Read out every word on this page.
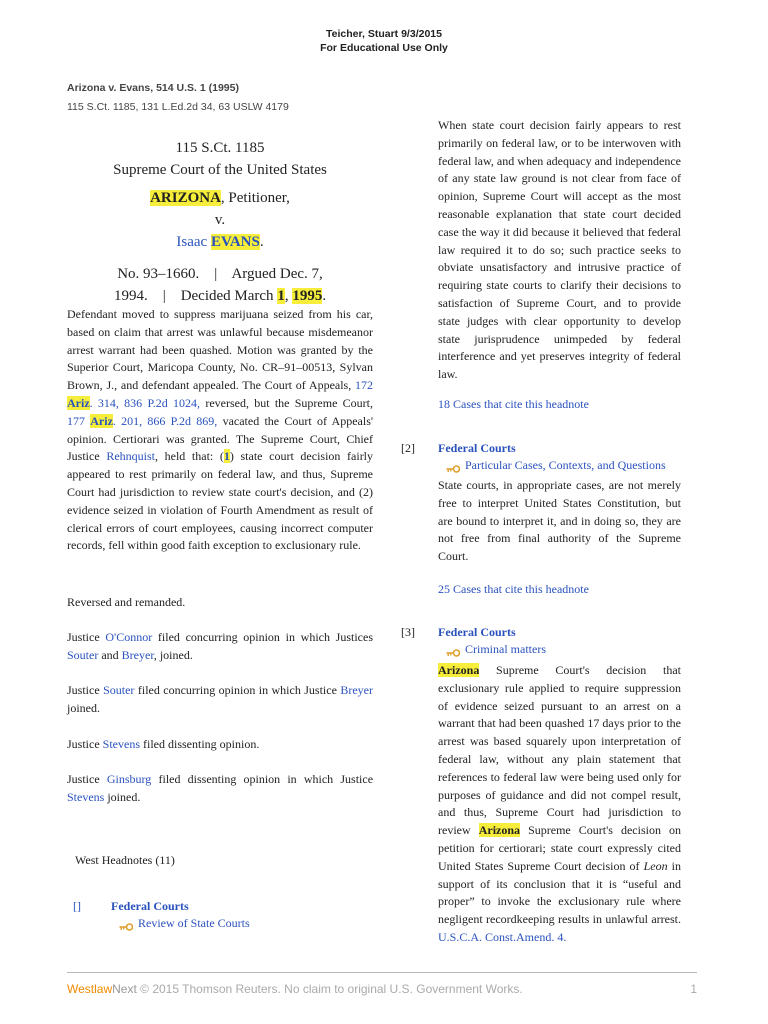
Teicher, Stuart 9/3/2015
For Educational Use Only
Arizona v. Evans, 514 U.S. 1 (1995)
115 S.Ct. 1185, 131 L.Ed.2d 34, 63 USLW 4179
115 S.Ct. 1185
Supreme Court of the United States
ARIZONA, Petitioner,
v.
Isaac EVANS.
No. 93–1660.    |    Argued Dec. 7,
1994.    |    Decided March 1, 1995.
Defendant moved to suppress marijuana seized from his car, based on claim that arrest was unlawful because misdemeanor arrest warrant had been quashed. Motion was granted by the Superior Court, Maricopa County, No. CR–91–00513, Sylvan Brown, J., and defendant appealed. The Court of Appeals, 172 Ariz. 314, 836 P.2d 1024, reversed, but the Supreme Court, 177 Ariz. 201, 866 P.2d 869, vacated the Court of Appeals' opinion. Certiorari was granted. The Supreme Court, Chief Justice Rehnquist, held that: (1) state court decision fairly appeared to rest primarily on federal law, and thus, Supreme Court had jurisdiction to review state court's decision, and (2) evidence seized in violation of Fourth Amendment as result of clerical errors of court employees, causing incorrect computer records, fell within good faith exception to exclusionary rule.
Reversed and remanded.
Justice O'Connor filed concurring opinion in which Justices Souter and Breyer, joined.
Justice Souter filed concurring opinion in which Justice Breyer joined.
Justice Stevens filed dissenting opinion.
Justice Ginsburg filed dissenting opinion in which Justice Stevens joined.
West Headnotes (11)
[]	Federal Courts
Review of State Courts
When state court decision fairly appears to rest primarily on federal law, or to be interwoven with federal law, and when adequacy and independence of any state law ground is not clear from face of opinion, Supreme Court will accept as the most reasonable explanation that state court decided case the way it did because it believed that federal law required it to do so; such practice seeks to obviate unsatisfactory and intrusive practice of requiring state courts to clarify their decisions to satisfaction of Supreme Court, and to provide state judges with clear opportunity to develop state jurisprudence unimpeded by federal interference and yet preserves integrity of federal law.
18 Cases that cite this headnote
[2] Federal Courts
Particular Cases, Contexts, and Questions
State courts, in appropriate cases, are not merely free to interpret United States Constitution, but are bound to interpret it, and in doing so, they are not free from final authority of the Supreme Court.
25 Cases that cite this headnote
[3] Federal Courts
Criminal matters
Arizona Supreme Court's decision that exclusionary rule applied to require suppression of evidence seized pursuant to an arrest on a warrant that had been quashed 17 days prior to the arrest was based squarely upon interpretation of federal law, without any plain statement that references to federal law were being used only for purposes of guidance and did not compel result, and thus, Supreme Court had jurisdiction to review Arizona Supreme Court's decision on petition for certiorari; state court expressly cited United States Supreme Court decision of Leon in support of its conclusion that it is “useful and proper” to invoke the exclusionary rule where negligent recordkeeping results in unlawful arrest. U.S.C.A. Const.Amend. 4.
WestlawNext © 2015 Thomson Reuters. No claim to original U.S. Government Works.	1
